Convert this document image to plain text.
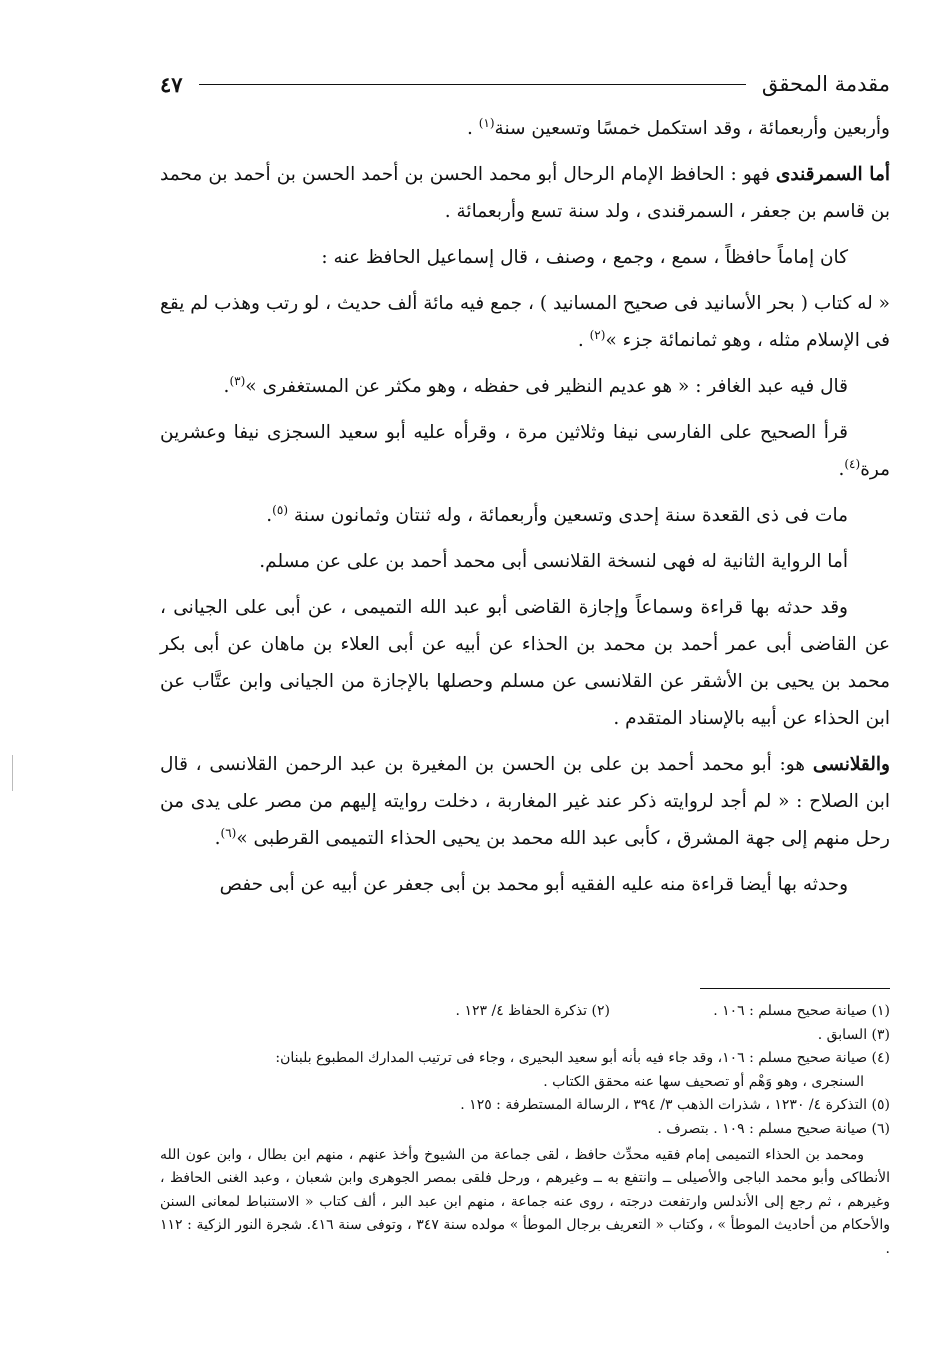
مقدمة المحقق
٤٧

وأربعين وأربعمائة ، وقد استكمل خمسًا وتسعين سنة$^{(١)}$ .

أما السمرقندى فهو : الحافظ الإمام الرحال أبو محمد الحسن بن أحمد الحسن بن أحمد بن محمد بن قاسم بن جعفر ، السمرقندى ، ولد سنة تسع وأربعمائة .

كان إماماً حافظاً ، سمع ، وجمع ، وصنف ، قال إسماعيل الحافظ عنه :

« له كتاب ( بحر الأسانيد فى صحيح المسانيد ) ، جمع فيه مائة ألف حديث ، لو رتب وهذب لم يقع فى الإسلام مثله ، وهو ثمانمائة جزء »$^{(٢)}$ .

قال فيه عبد الغافر : « هو عديم النظير فى حفظه ، وهو مكثر عن المستغفرى »$^{(٣)}$.

قرأ الصحيح على الفارسى نيفا وثلاثين مرة ، وقرأه عليه أبو سعيد السجزى نيفا وعشرين مرة$^{(٤)}$.

مات فى ذى القعدة سنة إحدى وتسعين وأربعمائة ، وله ثنتان وثمانون سنة $^{(٥)}$.

أما الرواية الثانية له فهى لنسخة القلانسى أبى محمد أحمد بن على عن مسلم.

وقد حدثه بها قراءة وسماعاً وإجازة القاضى أبو عبد الله التميمى ، عن أبى على الجيانى ، عن القاضى أبى عمر أحمد بن محمد بن الحذاء عن أبيه عن أبى العلاء بن ماهان عن أبى بكر محمد بن يحيى بن الأشقر عن القلانسى عن مسلم وحصلها بالإجازة من الجيانى وابن عتَّاب عن ابن الحذاء عن أبيه بالإسناد المتقدم .

والقلانسى هو: أبو محمد أحمد بن على بن الحسن بن المغيرة بن عبد الرحمن القلانسى ، قال ابن الصلاح : « لم أجد لروايته ذكر عند غير المغاربة ، دخلت روايته إليهم من مصر على يدى من رحل منهم إلى جهة المشرق ، كأبى عبد الله محمد بن يحيى الحذاء التميمى القرطبى »$^{(٦)}$.

وحدثه بها أيضا قراءة منه عليه الفقيه أبو محمد بن أبى جعفر عن أبيه عن أبى حفص

(١) صيانة صحيح مسلم : ١٠٦ .

(٢) تذكرة الحفاظ ٤/ ١٢٣ .

(٣) السابق .

(٤) صيانة صحيح مسلم : ١٠٦، وقد جاء فيه بأنه أبو سعيد البحيرى ، وجاء فى ترتيب المدارك المطبوع بلبنان:

السنجرى ، وهو وَهْم أو تصحيف سها عنه محقق الكتاب .

(٥) التذكرة ٤/ ١٢٣٠ ، شذرات الذهب ٣/ ٣٩٤ ، الرسالة المستطرفة : ١٢٥ .

(٦) صيانة صحيح مسلم : ١٠٩ . بتصرف .

ومحمد بن الحذاء التميمى إمام فقيه محدِّث حافظ ، لقى جماعة من الشيوخ وأخذ عنهم ، منهم ابن بطال ، وابن عون الله الأنطاكى وأبو محمد الباجى والأصيلى ــ وانتفع به ــ وغيرهم ، ورحل فلقى بمصر الجوهرى وابن شعبان ، وعبد الغنى الحافظ ، وغيرهم ، ثم رجع إلى الأندلس وارتفعت درجته ، روى عنه جماعة ، منهم ابن عبد البر ، ألف كتاب « الاستنباط لمعانى السنن والأحكام من أحاديث الموطأ » ، وكتاب « التعريف برجال الموطأ » مولده سنة ٣٤٧ ، وتوفى سنة ٤١٦. شجرة النور الزكية : ١١٢ .
